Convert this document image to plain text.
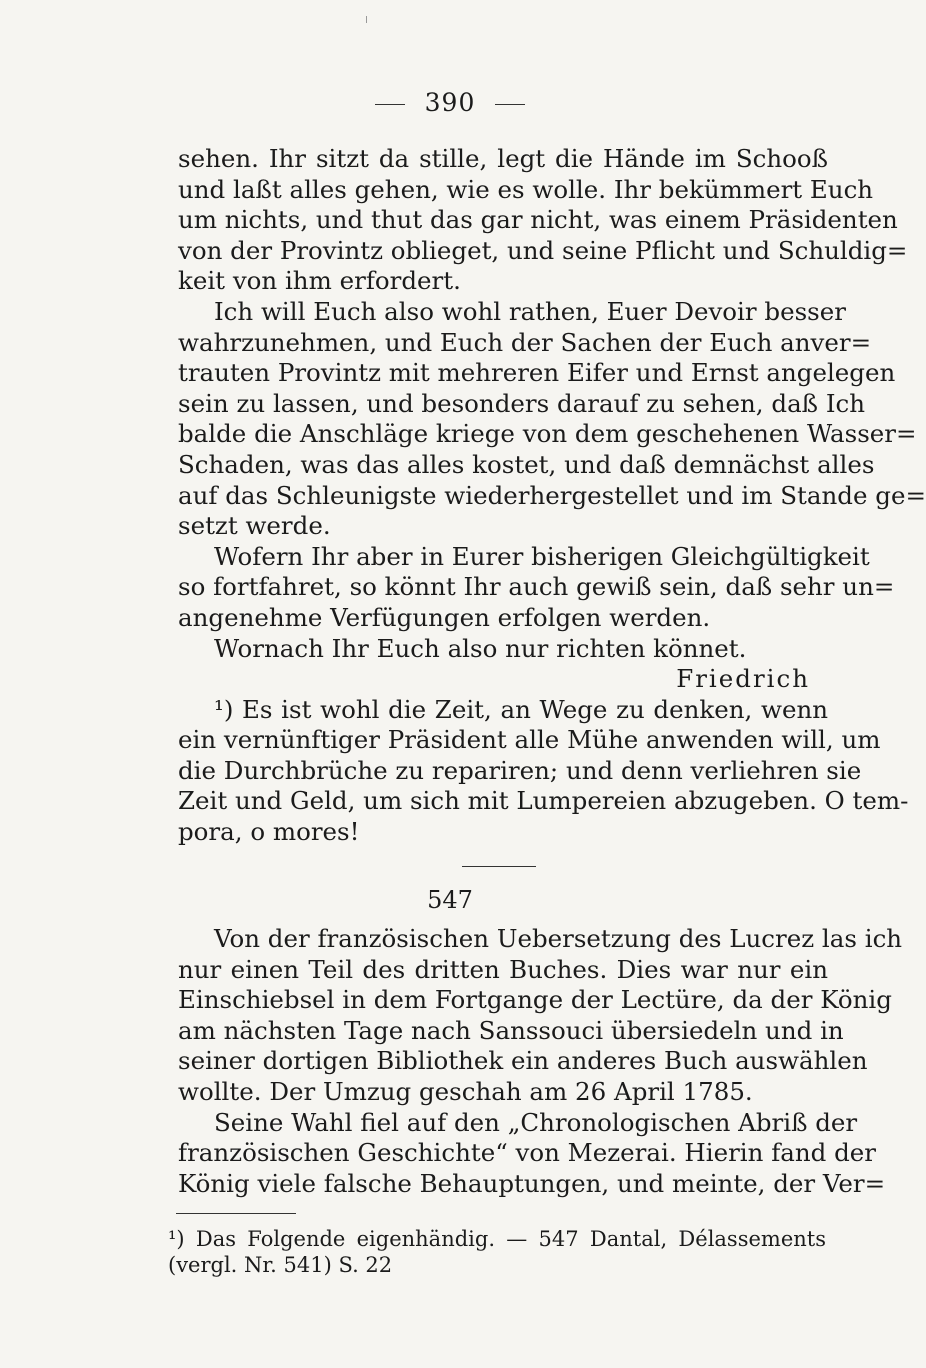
390
sehen. Ihr sitzt da stille, legt die Hände im Schooß
und laßt alles gehen, wie es wolle. Ihr bekümmert Euch
um nichts, und thut das gar nicht, was einem Präsidenten
von der Provintz oblieget, und seine Pflicht und Schuldig=
keit von ihm erfordert.
Ich will Euch also wohl rathen, Euer Devoir besser
wahrzunehmen, und Euch der Sachen der Euch anver=
trauten Provintz mit mehreren Eifer und Ernst angelegen
sein zu lassen, und besonders darauf zu sehen, daß Ich
balde die Anschläge kriege von dem geschehenen Wasser=
Schaden, was das alles kostet, und daß demnächst alles
auf das Schleunigste wiederhergestellet und im Stande ge=
setzt werde.
Wofern Ihr aber in Eurer bisherigen Gleichgültigkeit
so fortfahret, so könnt Ihr auch gewiß sein, daß sehr un=
angenehme Verfügungen erfolgen werden.
Wornach Ihr Euch also nur richten könnet.
Friedrich
¹) Es ist wohl die Zeit, an Wege zu denken, wenn
ein vernünftiger Präsident alle Mühe anwenden will, um
die Durchbrüche zu repariren; und denn verliehren sie
Zeit und Geld, um sich mit Lumpereien abzugeben. O tem-
pora, o mores!
547
Von der französischen Uebersetzung des Lucrez las ich
nur einen Teil des dritten Buches. Dies war nur ein
Einschiebsel in dem Fortgange der Lectüre, da der König
am nächsten Tage nach Sanssouci übersiedeln und in
seiner dortigen Bibliothek ein anderes Buch auswählen
wollte. Der Umzug geschah am 26 April 1785.
Seine Wahl fiel auf den „Chronologischen Abriß der
französischen Geschichte“ von Mezerai. Hierin fand der
König viele falsche Behauptungen, und meinte, der Ver=
¹) Das Folgende eigenhändig. — 547 Dantal, Délassements
(vergl. Nr. 541) S. 22
